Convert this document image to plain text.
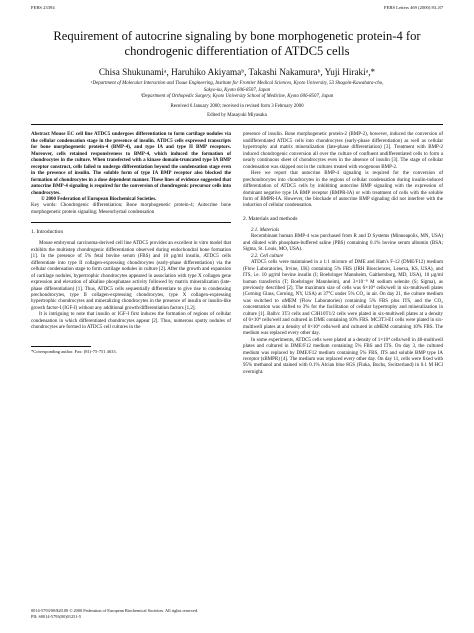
FEBS 23394	FEBS Letters 469 (2000) 83–87
Requirement of autocrine signaling by bone morphogenetic protein-4 for
chondrogenic differentiation of ATDC5 cells
Chisa Shukunamiᵃ, Haruhiko Akiyamaᵇ, Takashi Nakamuraᵇ, Yuji Hirakiᵃ,*
ᵃDepartment of Molecular Interaction and Tissue Engineering, Institute for Frontier Medical Sciences, Kyoto University, 53 Shogoin-Kawahara-cho,
Sakyo-ku, Kyoto 606-8507, Japan
ᵇDepartment of Orthopedic Surgery, Kyoto University School of Medicine, Kyoto 606-8507, Japan
Received 6 January 2000; received in revised form 3 February 2000
Edited by Masayuki Miyasaka

Abstract Mouse EC cell line ATDC5 undergoes differentiation to form cartilage nodules via the cellular condensation stage in the presence of insulin. ATDC5 cells expressed transcripts for bone morphogenetic protein-4 (BMP-4), and type IA and type II BMP receptors. Moreover, cells retained responsiveness to BMP-4, which induced the formation of chondrocytes in the culture. When transfected with a kinase domain-truncated type IA BMP receptor construct, cells failed to undergo differentiation beyond the condensation stage even in the presence of insulin. The soluble form of type IA BMP receptor also blocked the formation of chondrocytes in a dose dependent manner. These lines of evidence suggested that autocrine BMP-4 signaling is required for the conversion of chondrogenic precursor cells into chondrocytes.

© 2000 Federation of European Biochemical Societies.

Key words: Chondrogenic differentiation; Bone morphogenetic protein-4; Autocrine bone morphogenetic protein signaling; Mesenchymal condensation

1. Introduction

Mouse embryonal carcinoma-derived cell line ATDC5 provides an excellent in vitro model that exhibits the multistep chondrogenic differentiation observed during endochondral bone formation [1]. In the presence of 5% fetal bovine serum (FBS) and 10 μg/ml insulin, ATDC5 cells differentiate into type II collagen-expressing chondrocytes (early-phase differentiation) via the cellular condensation stage to form cartilage nodules in culture [2]. After the growth and expansion of cartilage nodules, hypertrophic chondrocytes appeared in association with type X collagen gene expression and elevation of alkaline phosphatase activity followed by matrix mineralization (late-phase differentiation) [1]. Thus, ATDC5 cells sequentially differentiate to give rise to condensing prechondrocytes, type II collagen-expressing chondrocytes, type X collagen-expressing hypertrophic chondrocytes and mineralizing chondrocytes in the presence of insulin or insulin-like growth factor-I (IGF-I) without any additional growth/differentiation factors [1,2].

It is intriguing to note that insulin or IGF-I first induces the formation of regions of cellular condensation in which differentiated chondrocytes appear [2]. Thus, numerous spotty nodules of chondrocytes are formed in ATDC5 cell cultures in the

*Corresponding author. Fax: (81)-75-751 4633.

presence of insulin. Bone morphogenetic protein-2 (BMP-2), however, induced the conversion of undifferentiated ATDC5 cells into chondrocytes (early-phase differentiation) as well as cellular hypertrophy and matrix mineralization (late-phase differentiation) [3]. Treatment with BMP-2 induced chondrogenic conversion all over the culture of confluent undifferentiated cells to form a nearly continuous sheet of chondrocytes even in the absence of insulin [3]. The stage of cellular condensation was skipped out in the cultures treated with exogenous BMP-2.

Here we report that autocrine BMP-4 signaling is required for the conversion of prechondrocytes into chondrocytes in the regions of cellular condensation during insulin-induced differentiation of ATDC5 cells by inhibiting autocrine BMP signaling with the expression of dominant negative type IA BMP receptor (BMPR-IA) or with treatment of cells with the soluble form of BMPR-IA. However, the blockade of autocrine BMP signaling did not interfere with the induction of cellular condensation.

2. Materials and methods

2.1. Materials

Recombinant human BMP-4 was purchased from R and D Systems (Minneapolis, MN, USA) and diluted with phosphate-buffered saline (PBS) containing 0.1% bovine serum albumin (BSA; Sigma, St. Louis, MO, USA).

2.2. Cell culture

ATDC5 cells were maintained in a 1:1 mixture of DME and Ham's F-12 (DME/F12) medium (Flow Laboratories, Irvine, UK) containing 5% FBS (JRH Biosciences, Lenexa, KS, USA), and ITS, i.e. 10 μg/ml bovine insulin (I; Boehringer Mannheim, Gaithersburg, MD, USA), 10 μg/ml human transferrin (T; Boehringer Mannheim), and 3×10⁻⁸ M sodium selenite (S; Sigma), as previously described [2]. The maximum size of cells was 6×10⁴ cells/well in six-multiwell plates (Corning Glass, Corning, NY, USA) at 37°C under 5% CO₂ in air. On day 21, the culture medium was switched to αMEM (Flow Laboratories) containing 5% FBS plus ITS, and the CO₂ concentration was shifted to 3% for the facilitation of cellular hypertrophy and mineralization in culture [1]. Balb/c 3T3 cells and C3H10T1/2 cells were plated in six-multiwell plates at a density of 6×10⁴ cells/well and cultured in DME containing 10% FBS. MC3T3-E1 cells were plated in six-multiwell plates at a density of 6×10⁴ cells/well and cultured in αMEM containing 10% FBS. The medium was replaced every other day.

In some experiments, ATDC5 cells were plated at a density of 1×10⁴ cells/well in 48-multiwell plates and cultured in DME/F12 medium containing 5% FBS and ITS. On day 3, the cultured medium was replaced by DME/F12 medium containing 5% FBS, ITS and soluble BMP type IA receptor (sBMPR) [4]. The medium was replaced every other day. On day 11, cells were fixed with 95% methanol and stained with 0.1% Alcian blue 8GS (Fluka, Buchs, Switzerland) in 0.1 M HCl overnight.

0014-5793/00/$20.00 © 2000 Federation of European Biochemical Societies. All rights reserved.
PII: S0014-5793(00)01251-5
